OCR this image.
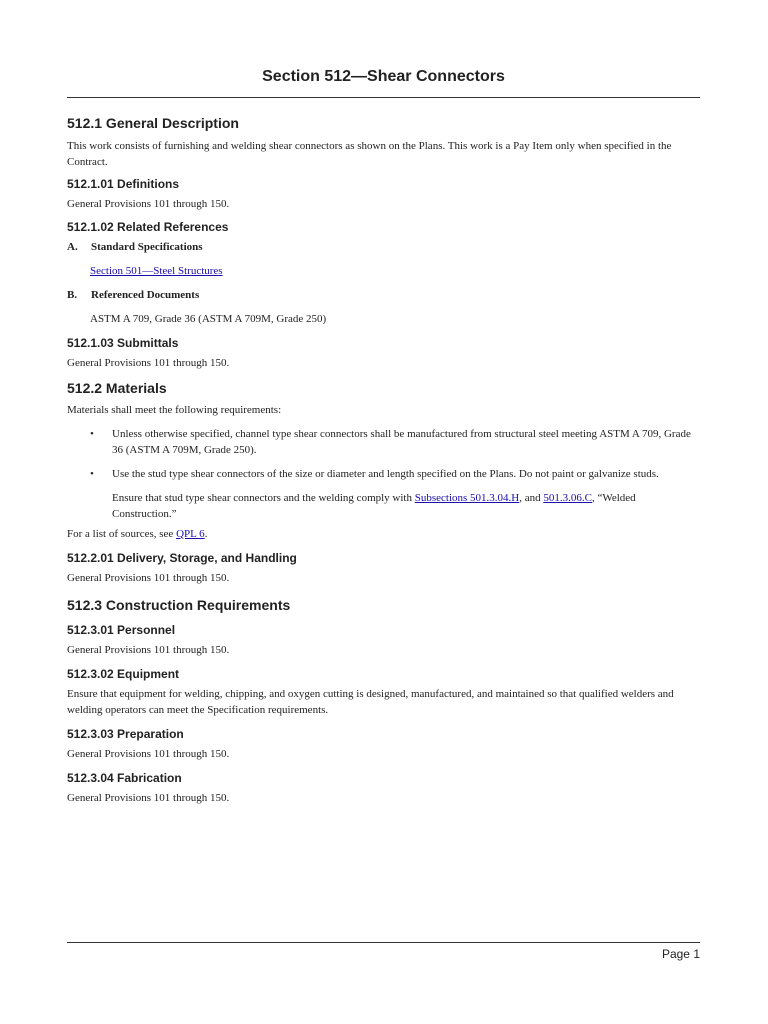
Section 512—Shear Connectors
512.1 General Description

This work consists of furnishing and welding shear connectors as shown on the Plans. This work is a Pay Item only when specified in the Contract.

512.1.01 Definitions

General Provisions 101 through 150.

512.1.02 Related References
A.	Standard Specifications

Section 501—Steel Structures

B.	Referenced Documents

ASTM A 709, Grade 36 (ASTM A 709M, Grade 250)

512.1.03 Submittals

General Provisions 101 through 150.

512.2 Materials

Materials shall meet the following requirements:

• Unless otherwise specified, channel type shear connectors shall be manufactured from structural steel meeting ASTM A 709, Grade 36 (ASTM A 709M, Grade 250).
• Use the stud type shear connectors of the size or diameter and length specified on the Plans. Do not paint or galvanize studs.

Ensure that stud type shear connectors and the welding comply with Subsections 501.3.04.H, and 501.3.06.C, “Welded Construction.”

For a list of sources, see QPL 6.

512.2.01 Delivery, Storage, and Handling

General Provisions 101 through 150.

512.3 Construction Requirements
512.3.01 Personnel

General Provisions 101 through 150.

512.3.02 Equipment

Ensure that equipment for welding, chipping, and oxygen cutting is designed, manufactured, and maintained so that qualified welders and welding operators can meet the Specification requirements.

512.3.03 Preparation

General Provisions 101 through 150.

512.3.04 Fabrication

General Provisions 101 through 150.

Page 1
